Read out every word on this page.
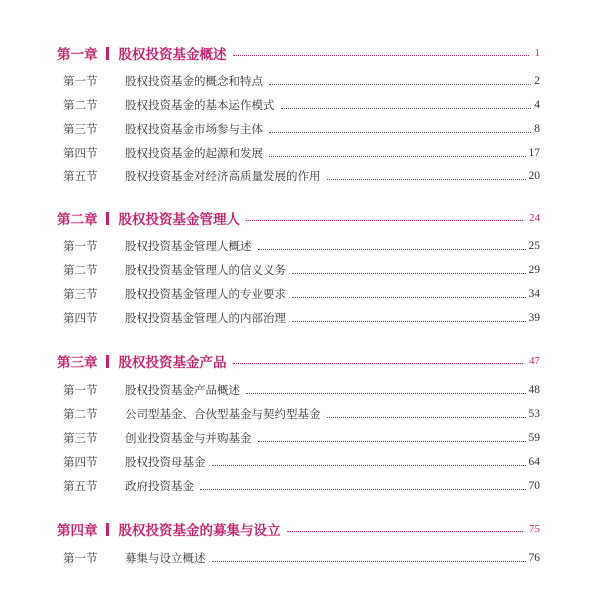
第一章 股权投资基金概述	1
第一节	股权投资基金的概念和特点	2
第二节	股权投资基金的基本运作模式	4
第三节	股权投资基金市场参与主体	8
第四节	股权投资基金的起源和发展	17
第五节	股权投资基金对经济高质量发展的作用	20
第二章 股权投资基金管理人	24
第一节	股权投资基金管理人概述	25
第二节	股权投资基金管理人的信义义务	29
第三节	股权投资基金管理人的专业要求	34
第四节	股权投资基金管理人的内部治理	39
第三章 股权投资基金产品	47
第一节	股权投资基金产品概述	48
第二节	公司型基金、合伙型基金与契约型基金	53
第三节	创业投资基金与并购基金	59
第四节	股权投资母基金	64
第五节	政府投资基金	70
第四章 股权投资基金的募集与设立	75
第一节	募集与设立概述	76
